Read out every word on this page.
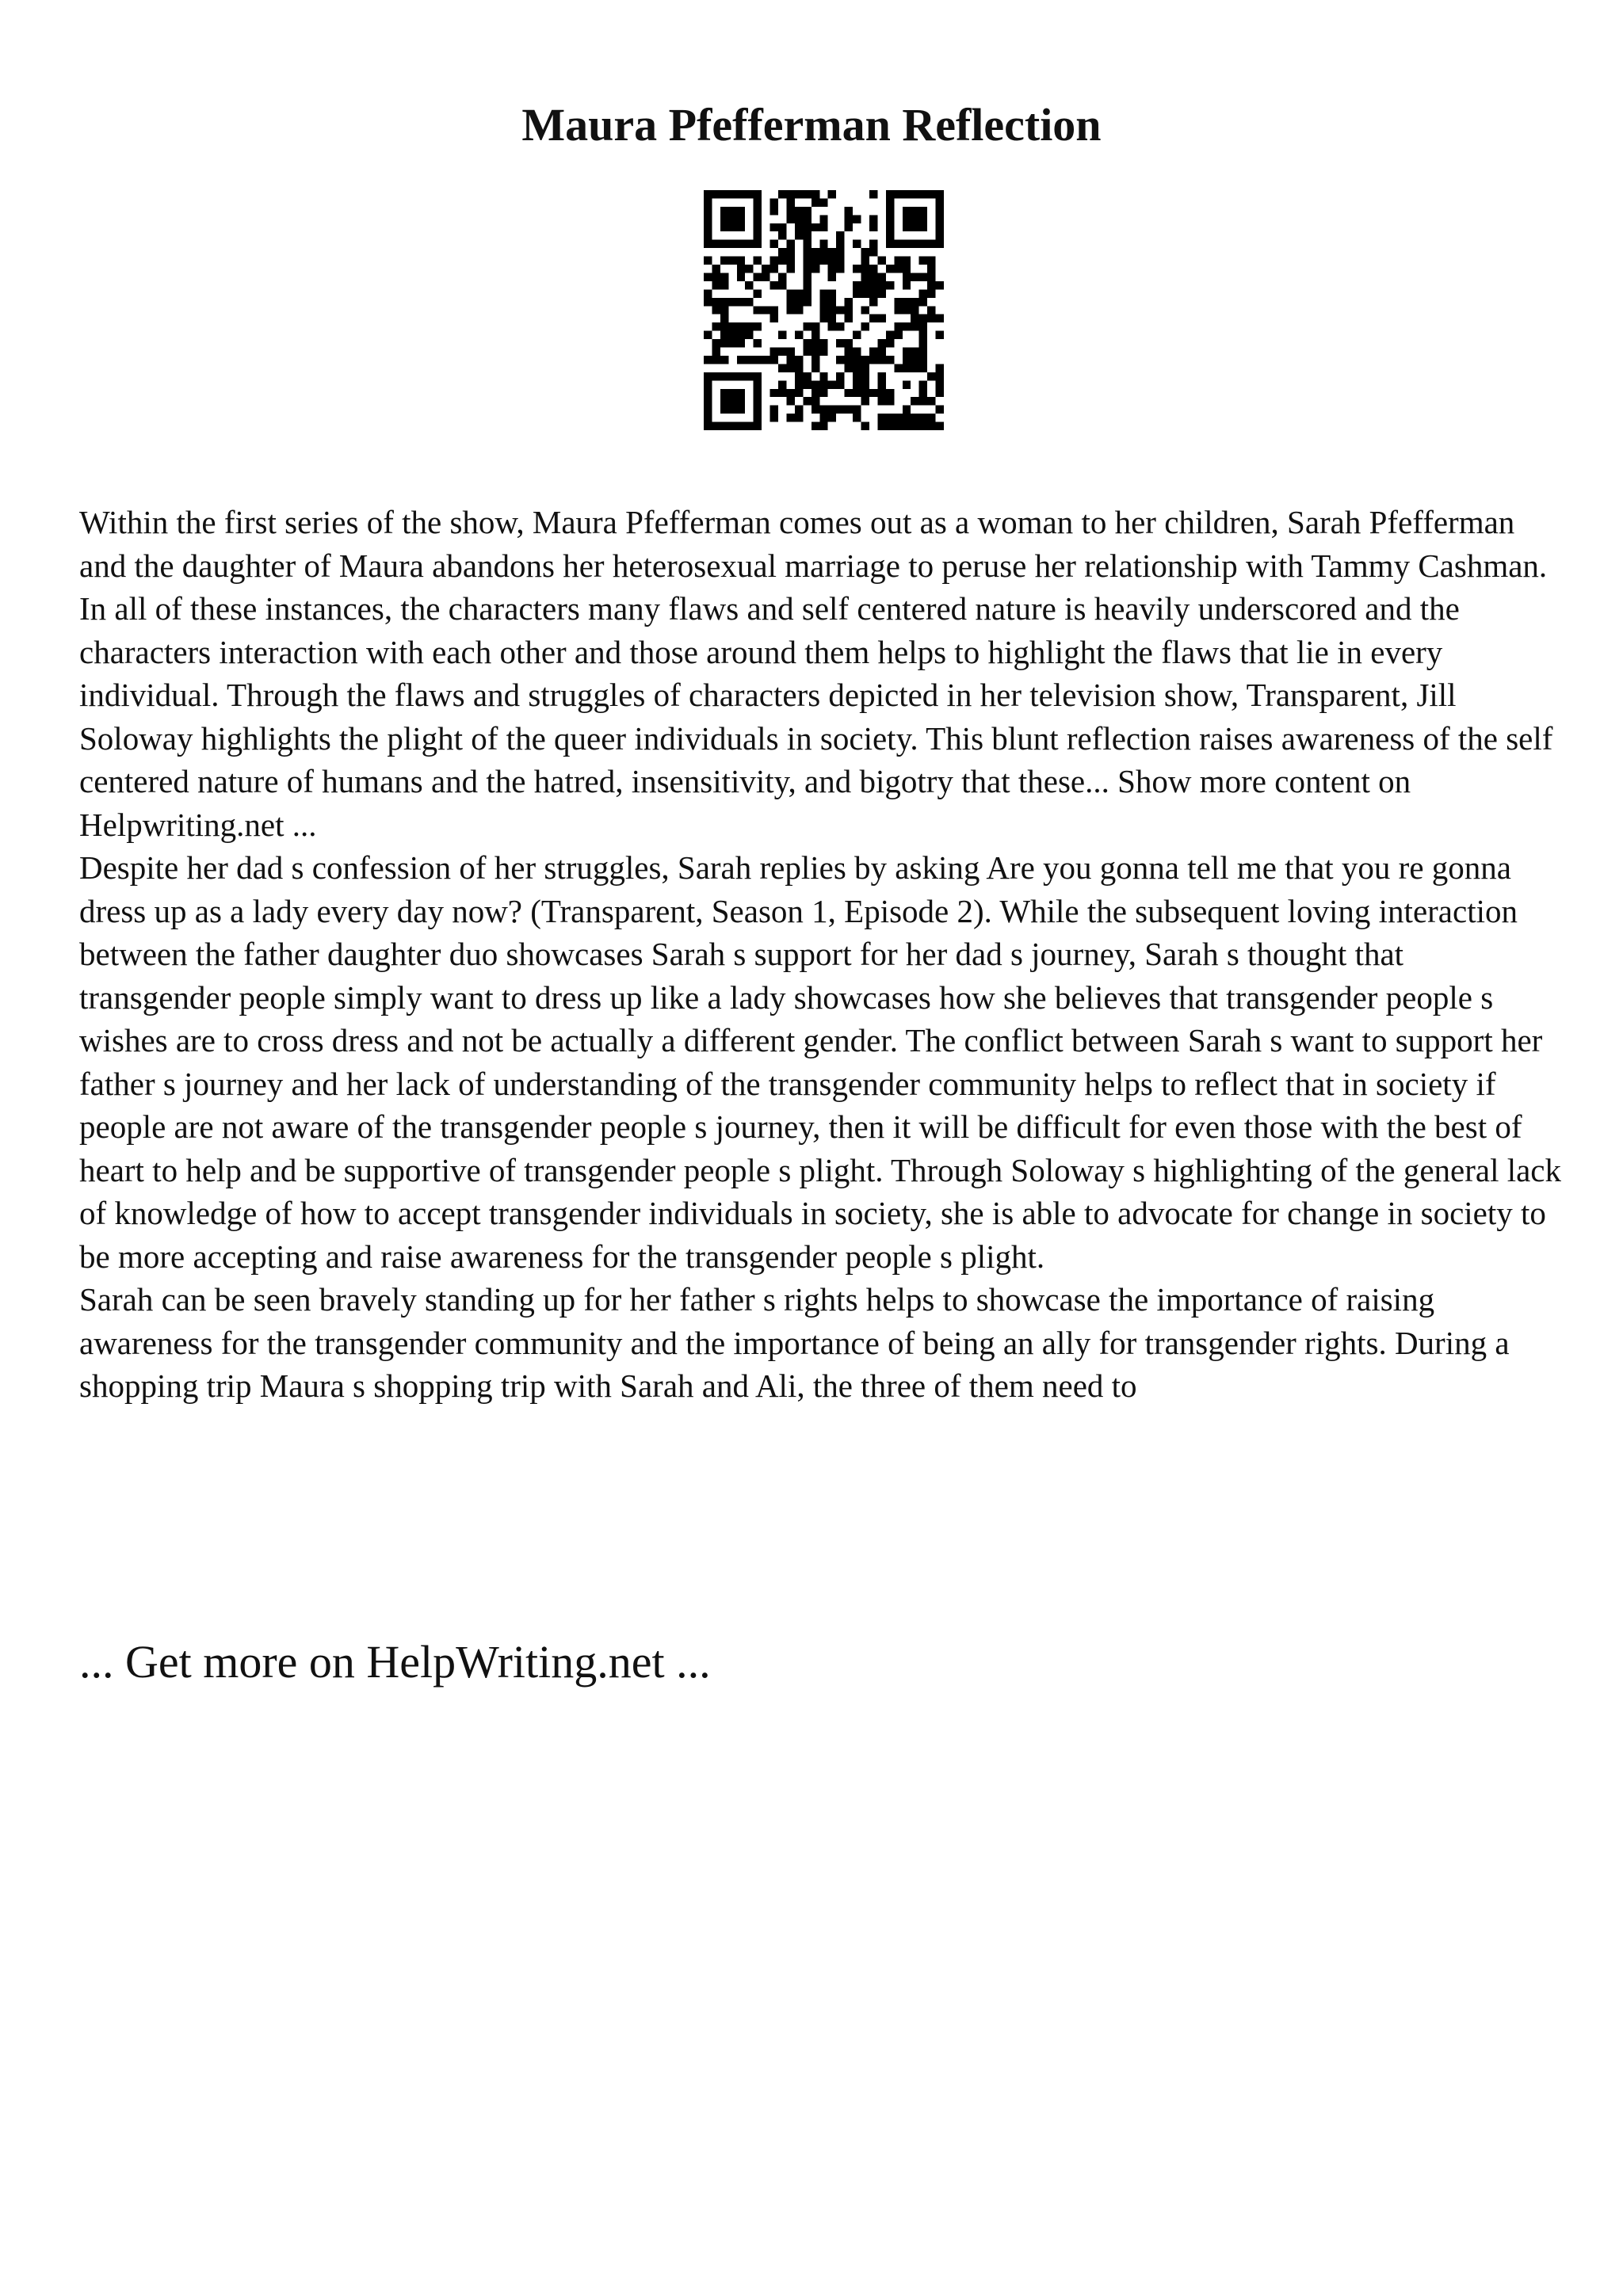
Maura Pfefferman Reflection

Within the first series of the show, Maura Pfefferman comes out as a woman to her children, Sarah Pfefferman and the daughter of Maura abandons her heterosexual marriage to peruse her relationship with Tammy Cashman. In all of these instances, the characters many flaws and self centered nature is heavily underscored and the characters interaction with each other and those around them helps to highlight the flaws that lie in every individual. Through the flaws and struggles of characters depicted in her television show, Transparent, Jill Soloway highlights the plight of the queer individuals in society. This blunt reflection raises awareness of the self centered nature of humans and the hatred, insensitivity, and bigotry that these... Show more content on Helpwriting.net ...

Despite her dad s confession of her struggles, Sarah replies by asking Are you gonna tell me that you re gonna dress up as a lady every day now? (Transparent, Season 1, Episode 2). While the subsequent loving interaction between the father daughter duo showcases Sarah s support for her dad s journey, Sarah s thought that transgender people simply want to dress up like a lady showcases how she believes that transgender people s wishes are to cross dress and not be actually a different gender. The conflict between Sarah s want to support her father s journey and her lack of understanding of the transgender community helps to reflect that in society if people are not aware of the transgender people s journey, then it will be difficult for even those with the best of heart to help and be supportive of transgender people s plight. Through Soloway s highlighting of the general lack of knowledge of how to accept transgender individuals in society, she is able to advocate for change in society to be more accepting and raise awareness for the transgender people s plight.

Sarah can be seen bravely standing up for her father s rights helps to showcase the importance of raising awareness for the transgender community and the importance of being an ally for transgender rights. During a shopping trip Maura s shopping trip with Sarah and Ali, the three of them need to

... Get more on HelpWriting.net ...
